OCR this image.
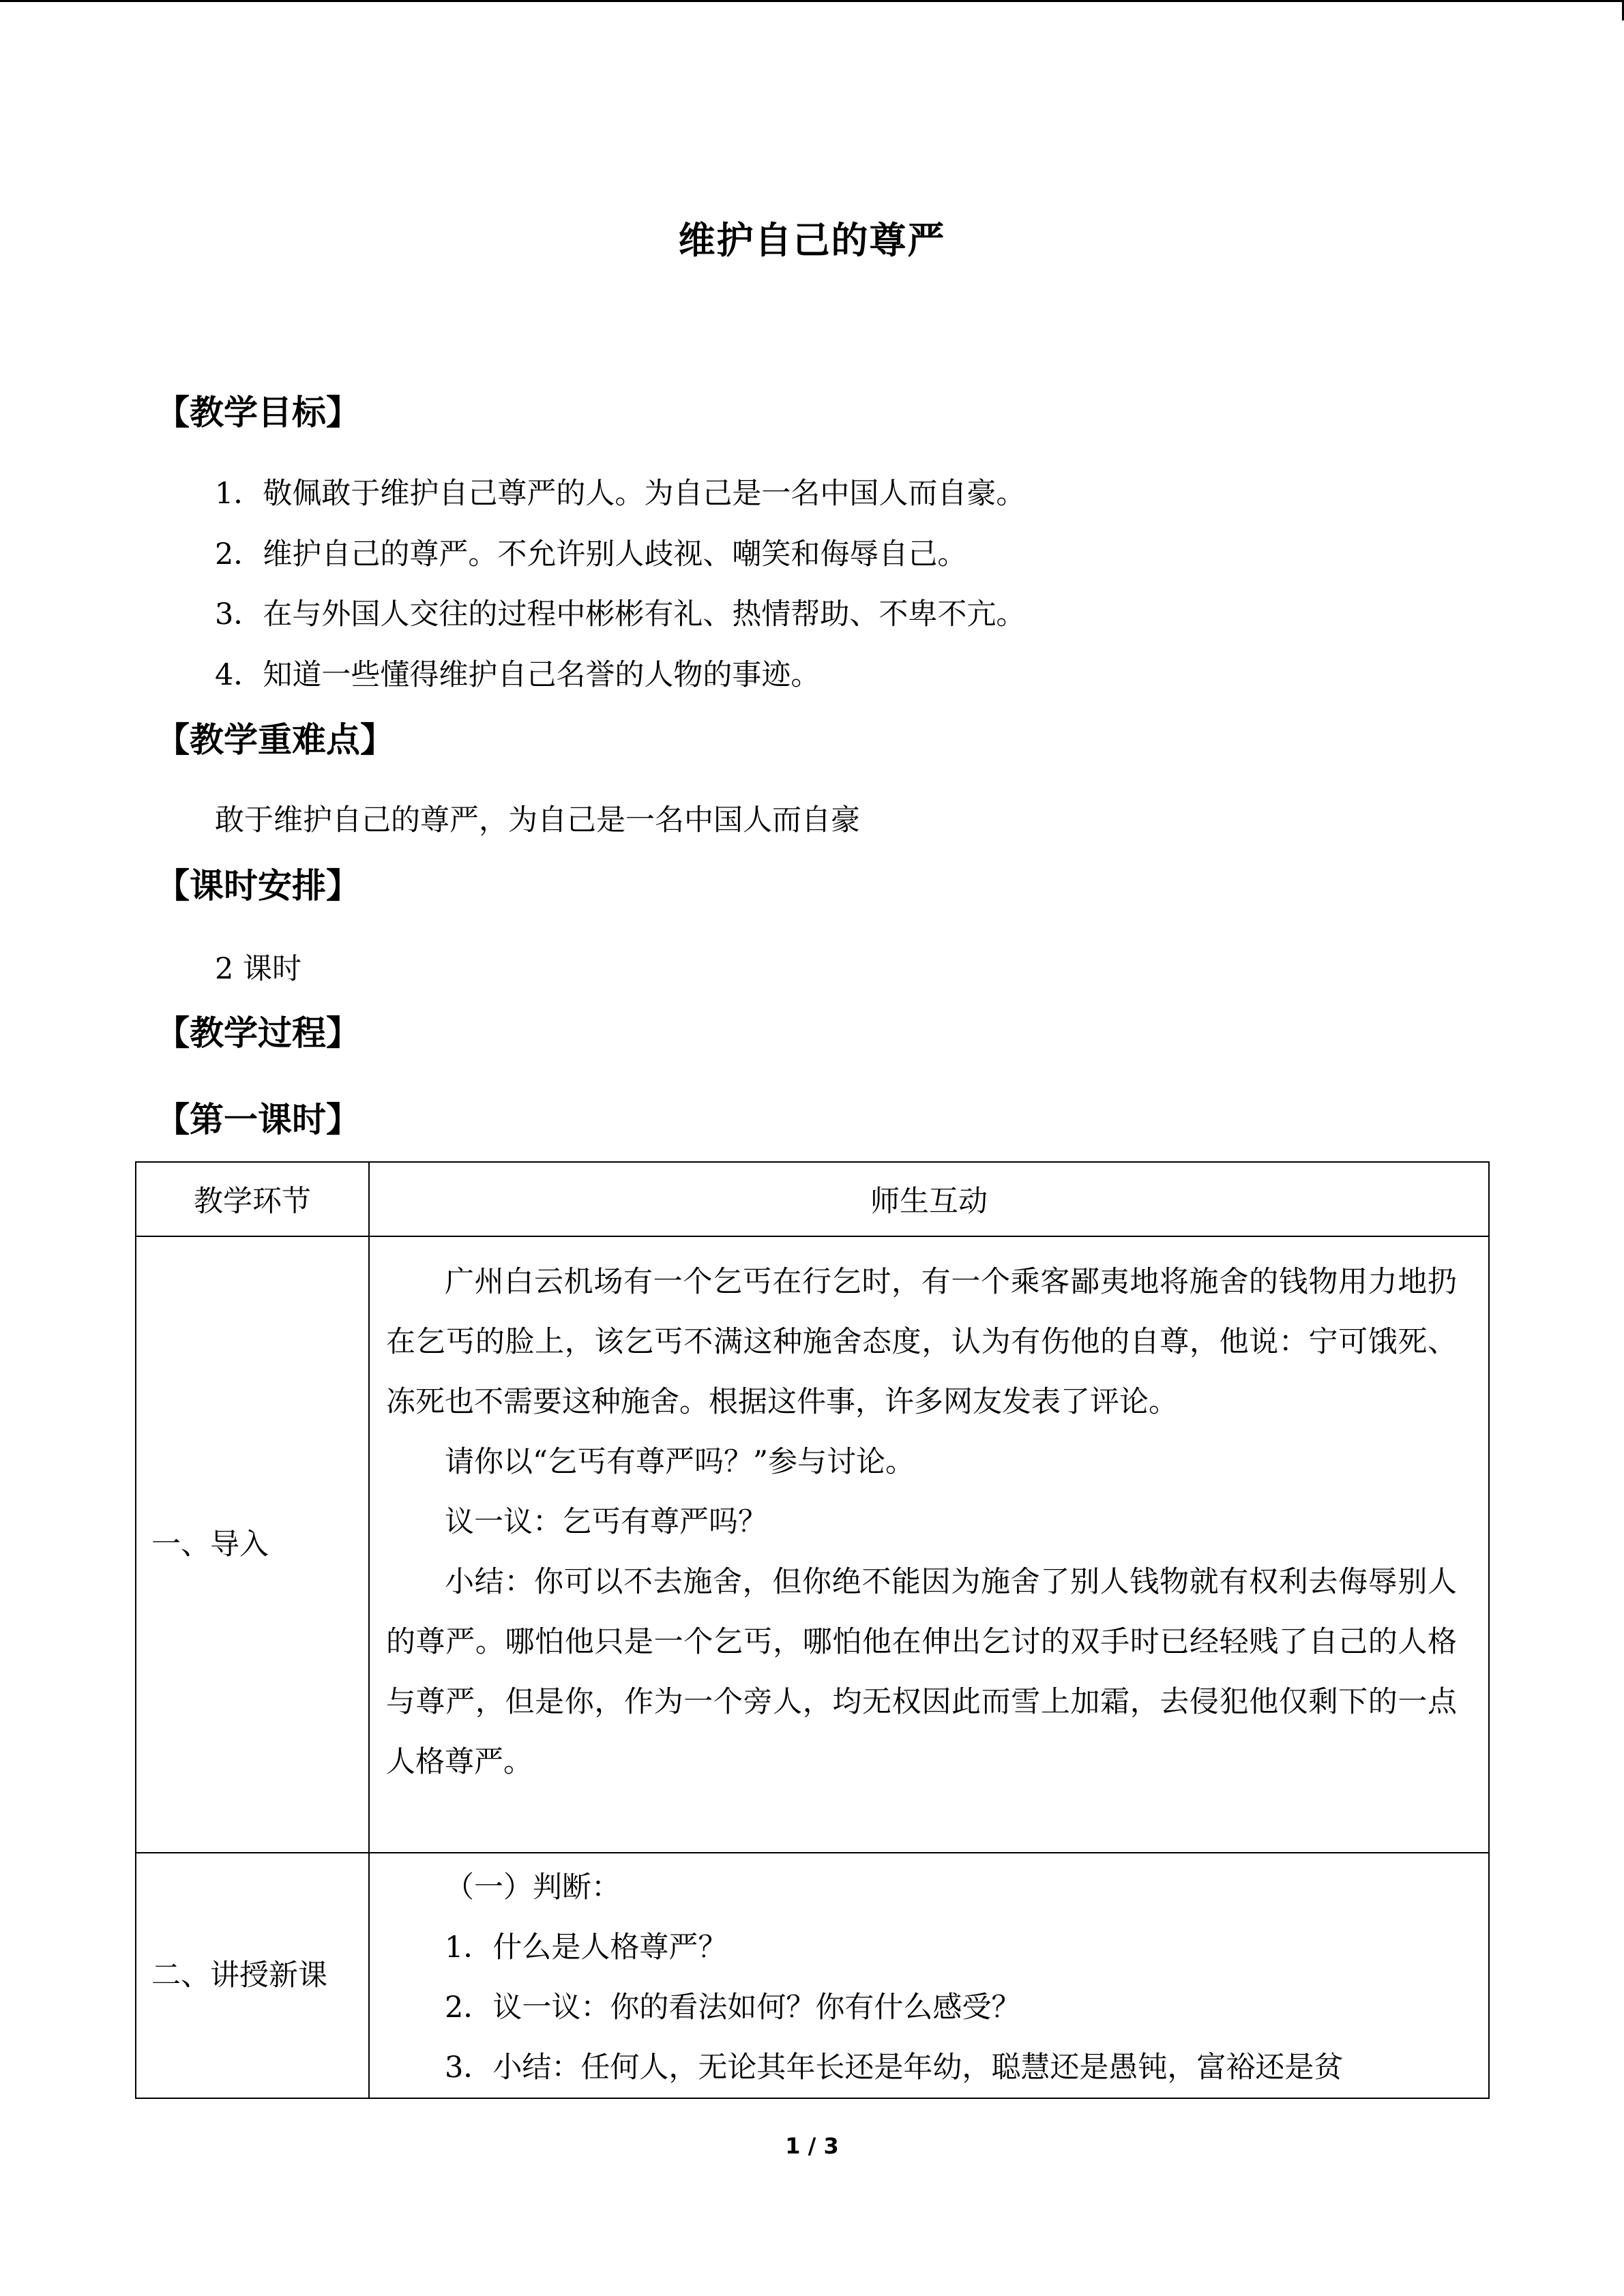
维护自己的尊严
【教学目标】
1．敬佩敢于维护自己尊严的人。为自己是一名中国人而自豪。
2．维护自己的尊严。不允许别人歧视、嘲笑和侮辱自己。
3．在与外国人交往的过程中彬彬有礼、热情帮助、不卑不亢。
4．知道一些懂得维护自己名誉的人物的事迹。
【教学重难点】
敢于维护自己的尊严，为自己是一名中国人而自豪
【课时安排】
2 课时
【教学过程】
【第一课时】
教学环节	师生互动
一、导入	广州白云机场有一个乞丐在行乞时，有一个乘客鄙夷地将施舍的钱物用力地扔在乞丐的脸上，该乞丐不满这种施舍态度，认为有伤他的自尊，他说：宁可饿死、冻死也不需要这种施舍。根据这件事，许多网友发表了评论。

请你以“乞丐有尊严吗？”参与讨论。

议一议：乞丐有尊严吗？

小结：你可以不去施舍，但你绝不能因为施舍了别人钱物就有权利去侮辱别人的尊严。哪怕他只是一个乞丐，哪怕他在伸出乞讨的双手时已经轻贱了自己的人格与尊严，但是你，作为一个旁人，均无权因此而雪上加霜，去侵犯他仅剩下的一点人格尊严。

二、讲授新课	（一）判断：

1．什么是人格尊严？

2．议一议：你的看法如何？你有什么感受？

3．小结：任何人，无论其年长还是年幼，聪慧还是愚钝，富裕还是贫

1 / 3
